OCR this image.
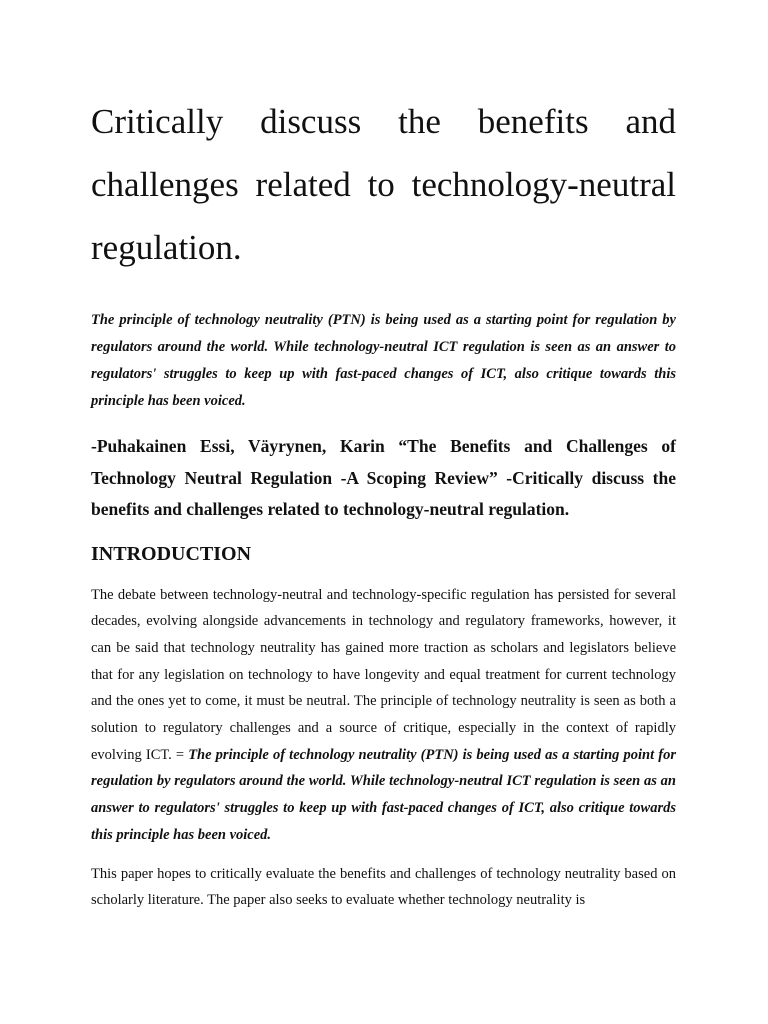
Critically discuss the benefits and challenges related to technology-neutral regulation.

The principle of technology neutrality (PTN) is being used as a starting point for regulation by regulators around the world. While technology-neutral ICT regulation is seen as an answer to regulators' struggles to keep up with fast-paced changes of ICT, also critique towards this principle has been voiced.

-Puhakainen Essi, Väyrynen, Karin “The Benefits and Challenges of Technology Neutral Regulation -A Scoping Review” -Critically discuss the benefits and challenges related to technology-neutral regulation.

INTRODUCTION

The debate between technology-neutral and technology-specific regulation has persisted for several decades, evolving alongside advancements in technology and regulatory frameworks, however, it can be said that technology neutrality has gained more traction as scholars and legislators believe that for any legislation on technology to have longevity and equal treatment for current technology and the ones yet to come, it must be neutral. The principle of technology neutrality is seen as both a solution to regulatory challenges and a source of critique, especially in the context of rapidly evolving ICT. = The principle of technology neutrality (PTN) is being used as a starting point for regulation by regulators around the world. While technology-neutral ICT regulation is seen as an answer to regulators' struggles to keep up with fast-paced changes of ICT, also critique towards this principle has been voiced.

This paper hopes to critically evaluate the benefits and challenges of technology neutrality based on scholarly literature. The paper also seeks to evaluate whether technology neutrality is
